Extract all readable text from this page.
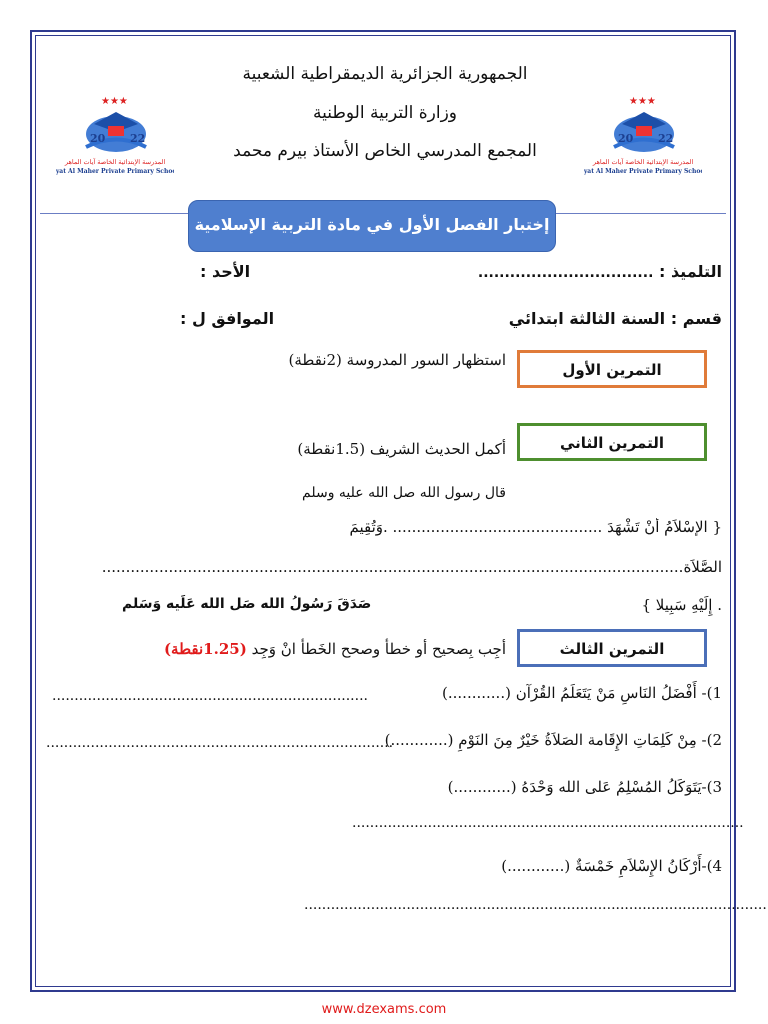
الجمهورية الجزائرية الديمقراطية الشعبية
وزارة التربية الوطنية
المجمع المدرسي الخاص الأستاذ بيرم محمد
★★★
20 22
المدرسة الإبتدائية الخاصة آيات الماهر
Ayat Al Maher Private Primary School
★★★
20 22
المدرسة الإبتدائية الخاصة آيات الماهر
Ayat Al Maher Private Primary School
إختبار الفصل الأول في مادة التربية الإسلامية
التلميذ : .................................
الأحد :
قسم : السنة الثالثة ابتدائي
الموافق ل :
التمرين الأول
استظهار السور المدروسة (2نقطة)
التمرين الثاني
أكمل الحديث الشريف (1.5نقطة)
قال رسول الله صل الله عليه وسلم
{ الإِسْلاَمُ أَنْ تَشْهَدَ ............................................ .وَتُقِيمَ
الصَّلاَة..........................................................................................................................
. إِلَيْهِ سَبِيلا }
صَدَقَ رَسُولُ الله صَل الله عَلَيه وَسَلم
التمرين الثالث
أجِب بِصحيح أو خطأ وصحح الخَطأ انْ وَجِد (1.25نقطة)
1)- أَفْضَلُ النَاسِ مَنْ يَتَعَلَمُ القُرْآن (............)
.......................................................................
2)- مِنْ كَلِمَاتِ الإِقَامة الصَلاَةُ خَيْرٌ مِنَ النَوْمِ (............)
..............................................................................
3)-يَتَوَكَلُ المُسْلِمُ عَلى الله وَحْدَهُ (............)
........................................................................................
4)-أَرْكَانُ الإِسْلاَمِ خَمْسَةٌ (............)
........................................................................................................
www.dzexams.com
